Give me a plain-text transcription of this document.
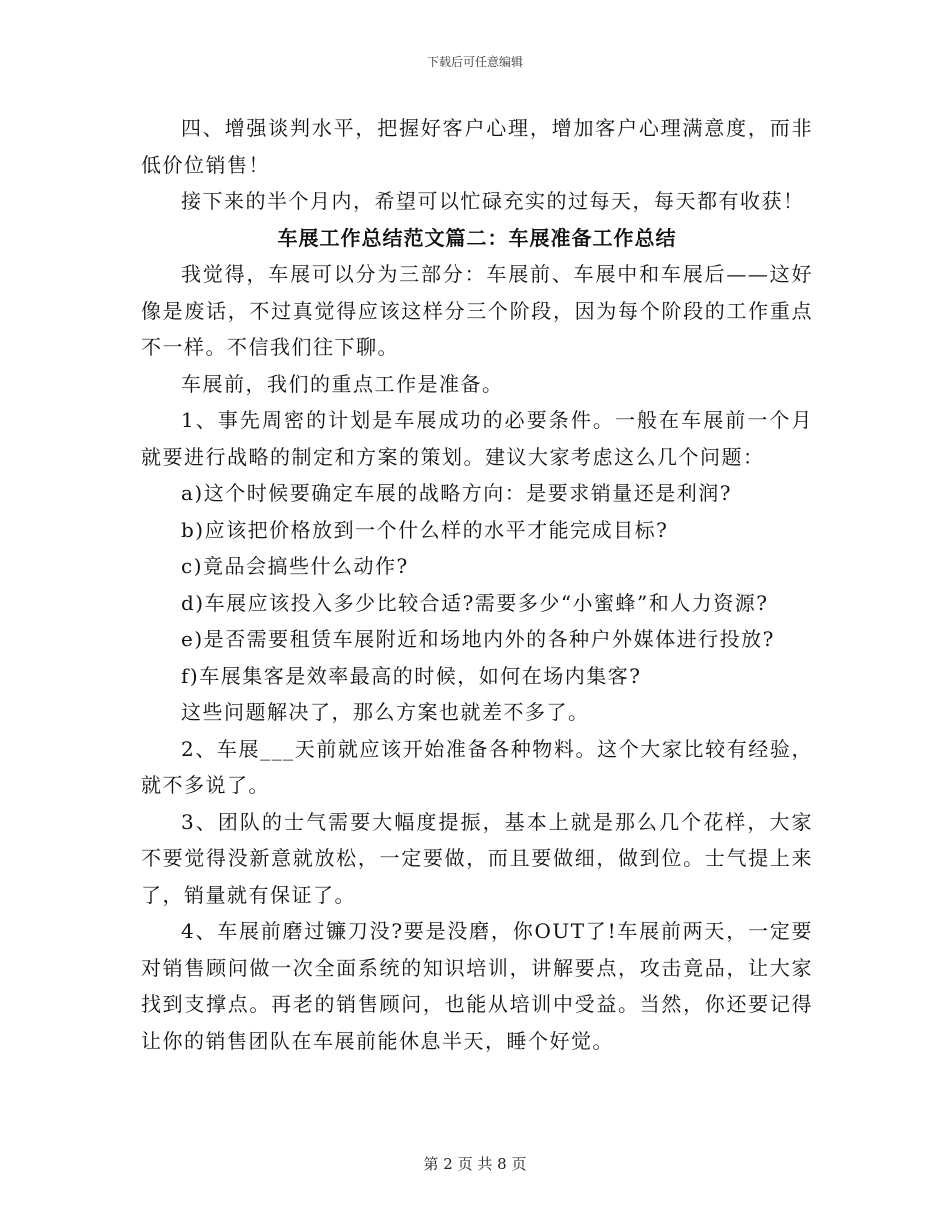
下载后可任意编辑

四、增强谈判水平，把握好客户心理，增加客户心理满意度，而非低价位销售！

接下来的半个月内，希望可以忙碌充实的过每天，每天都有收获！

车展工作总结范文篇二：车展准备工作总结

我觉得，车展可以分为三部分：车展前、车展中和车展后——这好像是废话，不过真觉得应该这样分三个阶段，因为每个阶段的工作重点不一样。不信我们往下聊。

车展前，我们的重点工作是准备。

1、事先周密的计划是车展成功的必要条件。一般在车展前一个月就要进行战略的制定和方案的策划。建议大家考虑这么几个问题：

a)这个时候要确定车展的战略方向：是要求销量还是利润?

b)应该把价格放到一个什么样的水平才能完成目标?

c)竟品会搞些什么动作?

d)车展应该投入多少比较合适?需要多少“小蜜蜂”和人力资源?

e)是否需要租赁车展附近和场地内外的各种户外媒体进行投放?

f)车展集客是效率最高的时候，如何在场内集客?

这些问题解决了，那么方案也就差不多了。

2、车展___天前就应该开始准备各种物料。这个大家比较有经验，就不多说了。

3、团队的士气需要大幅度提振，基本上就是那么几个花样，大家不要觉得没新意就放松，一定要做，而且要做细，做到位。士气提上来了，销量就有保证了。

4、车展前磨过镰刀没?要是没磨，你OUT了!车展前两天，一定要对销售顾问做一次全面系统的知识培训，讲解要点，攻击竟品，让大家找到支撑点。再老的销售顾问，也能从培训中受益。当然，你还要记得让你的销售团队在车展前能休息半天，睡个好觉。

第 2 页 共 8 页
